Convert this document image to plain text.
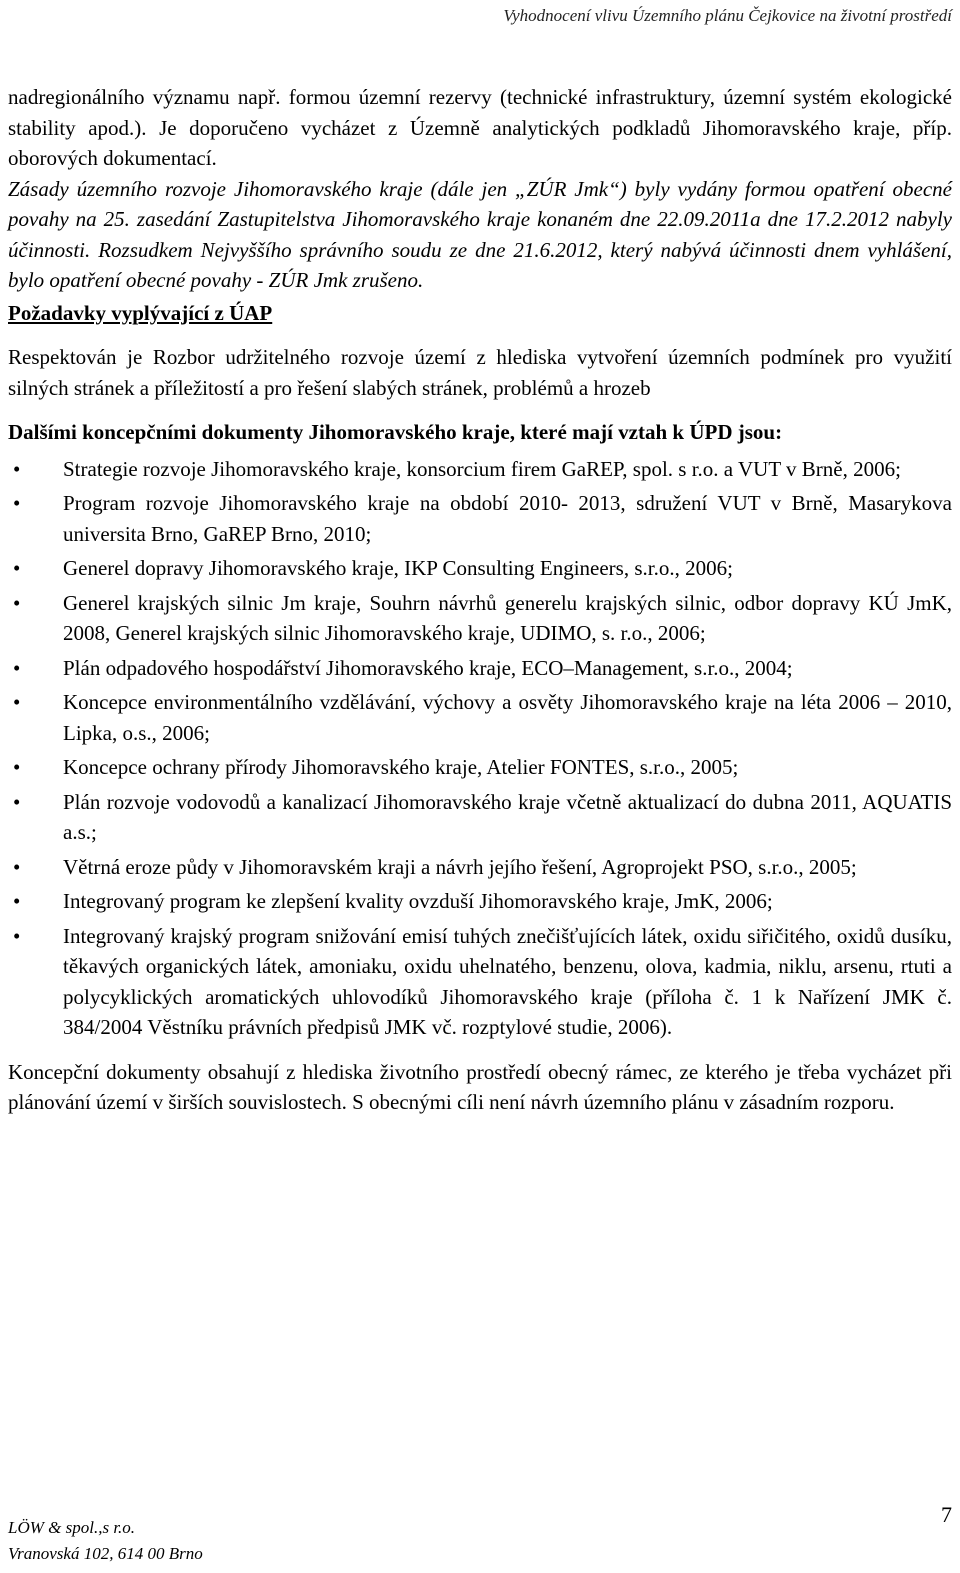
Vyhodnocení vlivu Územního plánu Čejkovice na životní prostředí

nadregionálního významu např. formou územní rezervy (technické infrastruktury, územní systém ekologické stability apod.). Je doporučeno vycházet z Územně analytických podkladů Jihomoravského kraje, příp. oborových dokumentací.

Zásady územního rozvoje Jihomoravského kraje (dále jen „ZÚR Jmk“) byly vydány formou opatření obecné povahy na 25. zasedání Zastupitelstva Jihomoravského kraje konaném dne 22.09.2011a dne 17.2.2012 nabyly účinnosti. Rozsudkem Nejvyššího správního soudu ze dne 21.6.2012, který nabývá účinnosti dnem vyhlášení, bylo opatření obecné povahy - ZÚR Jmk zrušeno.

Požadavky vyplývající z ÚAP

Respektován je Rozbor udržitelného rozvoje území z hlediska vytvoření územních podmínek pro využití silných stránek a příležitostí a pro řešení slabých stránek, problémů a hrozeb

Dalšími koncepčními dokumenty Jihomoravského kraje, které mají vztah k ÚPD jsou:

• Strategie rozvoje Jihomoravského kraje, konsorcium firem GaREP, spol. s r.o. a VUT v Brně, 2006;
• Program rozvoje Jihomoravského kraje na období 2010- 2013, sdružení VUT v Brně, Masarykova universita Brno, GaREP Brno, 2010;
• Generel dopravy Jihomoravského kraje, IKP Consulting Engineers, s.r.o., 2006;
• Generel krajských silnic Jm kraje, Souhrn návrhů generelu krajských silnic, odbor dopravy KÚ JmK, 2008, Generel krajských silnic Jihomoravského kraje, UDIMO, s. r.o., 2006;
• Plán odpadového hospodářství Jihomoravského kraje, ECO–Management, s.r.o., 2004;
• Koncepce environmentálního vzdělávání, výchovy a osvěty Jihomoravského kraje na léta 2006 – 2010, Lipka, o.s., 2006;
• Koncepce ochrany přírody Jihomoravského kraje, Atelier FONTES, s.r.o., 2005;
• Plán rozvoje vodovodů a kanalizací Jihomoravského kraje včetně aktualizací do dubna 2011, AQUATIS a.s.;
• Větrná eroze půdy v Jihomoravském kraji a návrh jejího řešení, Agroprojekt PSO, s.r.o., 2005;
• Integrovaný program ke zlepšení kvality ovzduší Jihomoravského kraje, JmK, 2006;
• Integrovaný krajský program snižování emisí tuhých znečišťujících látek, oxidu siřičitého, oxidů dusíku, těkavých organických látek, amoniaku, oxidu uhelnatého, benzenu, olova, kadmia, niklu, arsenu, rtuti a polycyklických aromatických uhlovodíků Jihomoravského kraje (příloha č. 1 k Nařízení JMK č. 384/2004 Věstníku právních předpisů JMK vč. rozptylové studie, 2006).

Koncepční dokumenty obsahují z hlediska životního prostředí obecný rámec, ze kterého je třeba vycházet při plánování území v širších souvislostech. S obecnými cíli není návrh územního plánu v zásadním rozporu.

LÖW & spol.,s r.o.
Vranovská 102, 614 00 Brno
7
